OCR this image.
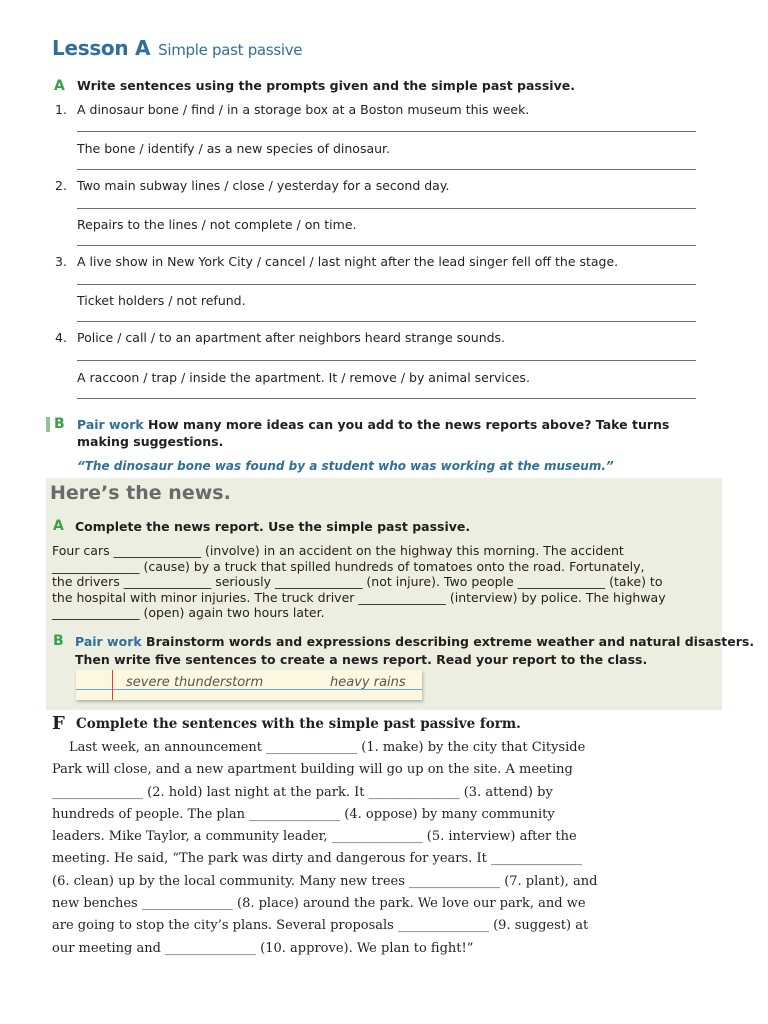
Lesson A Simple past passive
A Write sentences using the prompts given and the simple past passive.
1. A dinosaur bone / find / in a storage box at a Boston museum this week.
The bone / identify / as a new species of dinosaur.
2. Two main subway lines / close / yesterday for a second day.
Repairs to the lines / not complete / on time.
3. A live show in New York City / cancel / last night after the lead singer fell off the stage.
Ticket holders / not refund.
4. Police / call / to an apartment after neighbors heard strange sounds.
A raccoon / trap / inside the apartment. It / remove / by animal services.
B Pair work How many more ideas can you add to the news reports above? Take turns
making suggestions.
“The dinosaur bone was found by a student who was working at the museum.”
Here’s the news.
A Complete the news report. Use the simple past passive.
Four cars ______________ (involve) in an accident on the highway this morning. The accident
______________ (cause) by a truck that spilled hundreds of tomatoes onto the road. Fortunately,
the drivers ______________ seriously ______________ (not injure). Two people ______________ (take) to
the hospital with minor injuries. The truck driver ______________ (interview) by police. The highway
______________ (open) again two hours later.
B Pair work Brainstorm words and expressions describing extreme weather and natural disasters.
Then write five sentences to create a news report. Read your report to the class.
severe thunderstorm	heavy rains
F Complete the sentences with the simple past passive form.
Last week, an announcement ______________ (1. make) by the city that Cityside
Park will close, and a new apartment building will go up on the site. A meeting
______________ (2. hold) last night at the park. It ______________ (3. attend) by
hundreds of people. The plan ______________ (4. oppose) by many community
leaders. Mike Taylor, a community leader, ______________ (5. interview) after the
meeting. He said, “The park was dirty and dangerous for years. It ______________
(6. clean) up by the local community. Many new trees ______________ (7. plant), and
new benches ______________ (8. place) around the park. We love our park, and we
are going to stop the city’s plans. Several proposals ______________ (9. suggest) at
our meeting and ______________ (10. approve). We plan to fight!”
